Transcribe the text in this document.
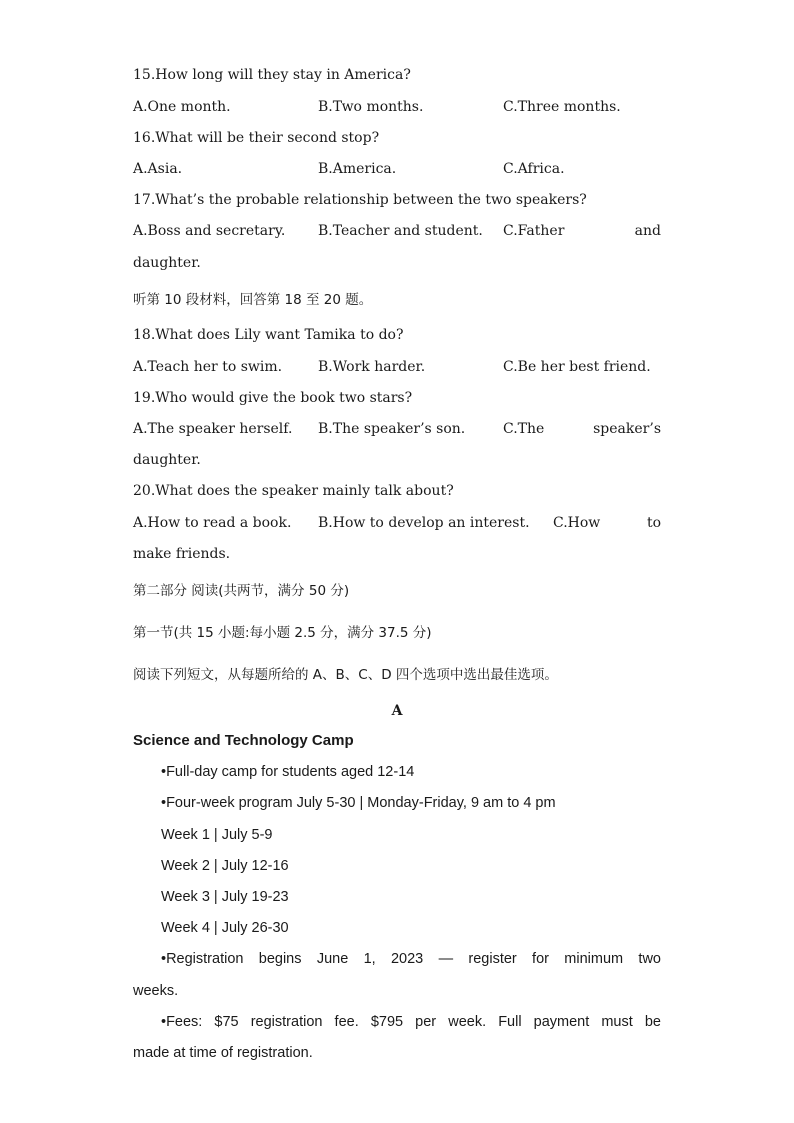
15.How long will they stay in America?
A.One month.	B.Two months.	C.Three months.
16.What will be their second stop?
A.Asia.	B.America.	C.Africa.
17.What’s the probable relationship between the two speakers?
A.Boss and secretary. B.Teacher and student. C.Father	and
daughter.
听第 10 段材料，回答第 18 至 20 题。
18.What does Lily want Tamika to do?
A.Teach her to swim.	B.Work harder.	C.Be her best friend.
19.Who would give the book two stars?
A.The speaker herself. B.The speaker’s son.	C.The	speaker’s
daughter.
20.What does the speaker mainly talk about?
A.How to read a book. B.How to develop an interest. C.How	to
make friends.
第二部分 阅读(共两节，满分 50 分)
第一节(共 15 小题:每小题 2.5 分，满分 37.5 分)
阅读下列短文，从每题所给的 A、B、C、D 四个选项中选出最佳选项。
A
Science and Technology Camp
•Full-day camp for students aged 12-14
•Four-week program July 5-30 | Monday-Friday, 9 am to 4 pm
Week 1 | July 5-9
Week 2 | July 12-16
Week 3 | July 19-23
Week 4 | July 26-30
•Registration begins June 1, 2023 — register for minimum two
weeks.
•Fees: $75 registration fee. $795 per week. Full payment must be
made at time of registration.
